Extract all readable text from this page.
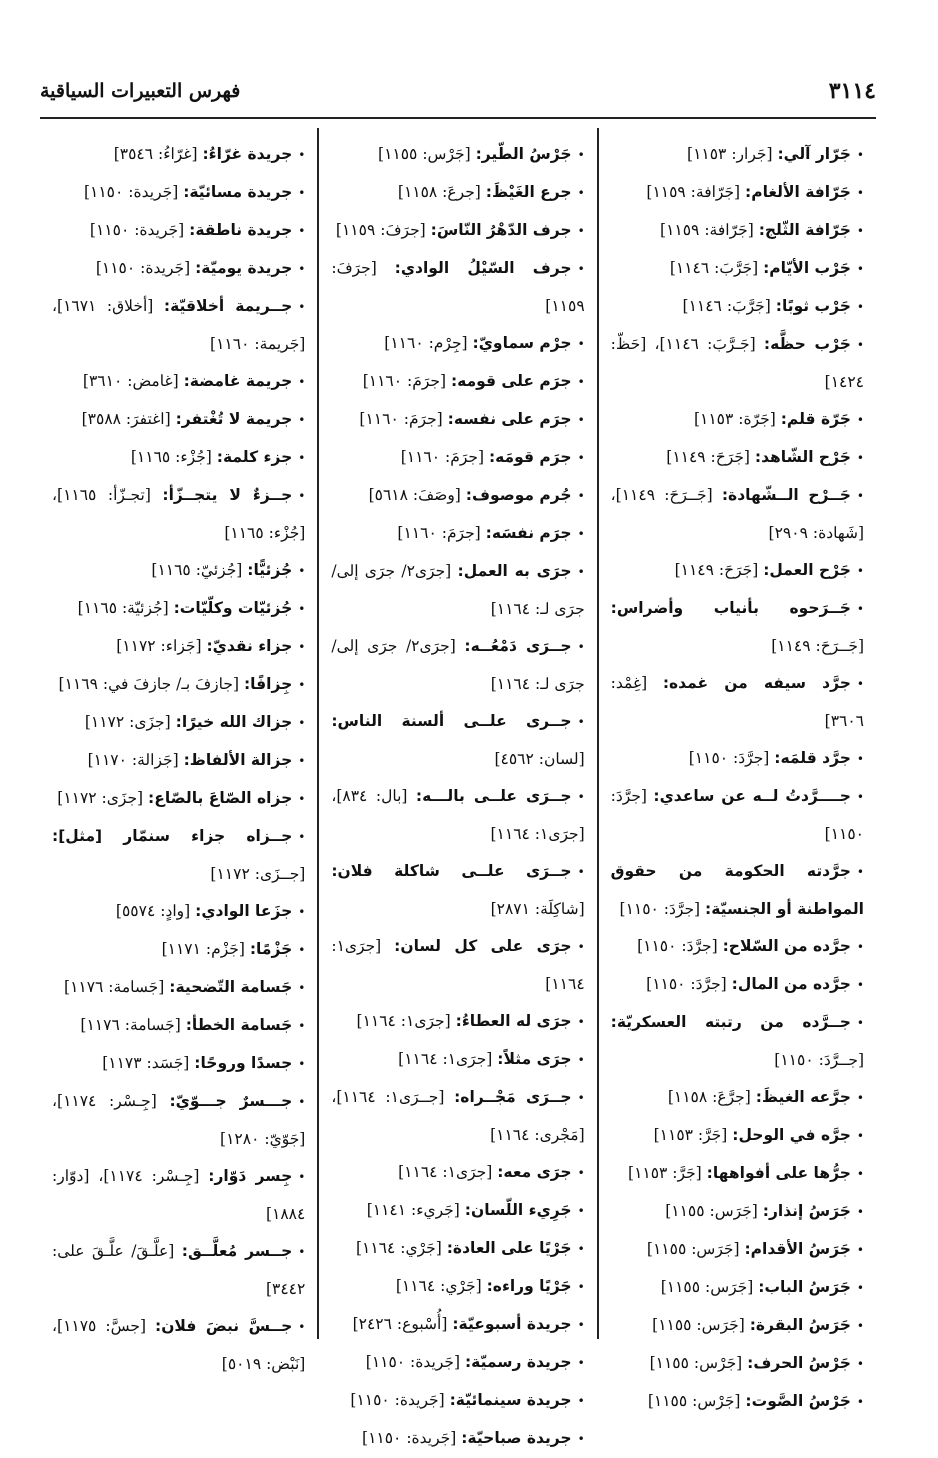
٣١١٤
فهرس التعبيرات السياقية

•جَرّار آلي: [جَرار: ١١٥٣]

•جَرّافة الألغام: [جَرّافة: ١١٥٩]

•جَرّافة الثّلج: [جَرّافة: ١١٥٩]

•جَرْب الأيّام: [جَرَّبَ: ١١٤٦]

•جَرْب ثوبًا: [جَرَّبَ: ١١٤٦]

•جَرْب حظَّه: [جَـرَّبَ: ١١٤٦]، [حَظّ: ١٤٢٤]

•جَرّة قلم: [جَرّة: ١١٥٣]

•جَرْح الشّاهد: [جَرَحَ: ١١٤٩]

•جَــرْح الــشّهادة: [جَــرَحَ: ١١٤٩]، [شَهادة: ٢٩٠٩]

•جَرْح العمل: [جَرَحَ: ١١٤٩]

•جَــرَحوه بأنياب وأضراس: [جَــرَحَ: ١١٤٩]

•جرَّد سيفه من غمده: [غِمْد: ٣٦٠٦]

•جرَّد قلمَه: [جرَّدَ: ١١٥٠]

•جــــرَّدتُ لــه عن ساعدي: [جرَّدَ: ١١٥٠]

•جرَّدته الحكومة من حقوق المواطنة أو الجنسيّة: [جرَّدَ: ١١٥٠]

•جرَّده من السّلاح: [جرَّدَ: ١١٥٠]

•جرَّده من المال: [جرَّدَ: ١١٥٠]

•جــرَّده من رتبته العسكريّة: [جــرَّدَ: ١١٥٠]

•جرَّعه الغيظَ: [جرَّعَ: ١١٥٨]

•جرَّه في الوحل: [جَرَّ: ١١٥٣]

•جرُّها على أفواهها: [جَرَّ: ١١٥٣]

•جَرَسُ إنذار: [جَرَس: ١١٥٥]

•جَرَسُ الأقدام: [جَرَس: ١١٥٥]

•جَرَسُ الباب: [جَرَس: ١١٥٥]

•جَرَسُ البقرة: [جَرَس: ١١٥٥]

•جَرْسُ الحرف: [جَرْس: ١١٥٥]

•جَرْسُ الصَّوت: [جَرْس: ١١٥٥]

•جَرْسُ الطّير: [جَرْس: ١١٥٥]

•جرع الغَيْظَ: [جرعَ: ١١٥٨]

•جرف الدّهْرُ النّاسَ: [جرَفَ: ١١٥٩]

•جرف السّيْلُ الوادي: [جرَفَ: ١١٥٩]

•جرْم سماويّ: [جِرْم: ١١٦٠]

•جرَم على قومه: [جرَمَ: ١١٦٠]

•جرَم على نفسه: [جرَمَ: ١١٦٠]

•جرَم قومَه: [جرَمَ: ١١٦٠]

•جُرم موصوف: [وصَفَ: ٥٦١٨]

•جرَم نفسَه: [جرَمَ: ١١٦٠]

•جرَى به العمل: [جرَى٢/ جرَى إلى/ جرَى لـ: ١١٦٤]

•جــرَى دَمْعُــه: [جرَى٢/ جرَى إلى/ جرَى لـ: ١١٦٤]

•جــرى علــى ألسنة الناس: [لسان: ٤٥٦٢]

•جــرَى علــى بالـــه: [بال: ٨٣٤]، [جرَى١: ١١٦٤]

•جــرَى علــى شاكلة فلان: [شاكِلَة: ٢٨٧١]

•جرَى على كل لسان: [جرَى١: ١١٦٤]

•جرَى له العطاءُ: [جرَى١: ١١٦٤]

•جرَى مثلاً: [جرَى١: ١١٦٤]

•جــرَى مَجْــراه: [جــرَى١: ١١٦٤]، [مَجْرى: ١١٦٤]

•جرَى معه: [جرَى١: ١١٦٤]

•جَرِيء اللّسان: [جَريء: ١١٤١]

•جَرْيًا على العادة: [جَرْي: ١١٦٤]

•جَرْيًا وراءه: [جَرْي: ١١٦٤]

•جريدة أسبوعيّة: [أُسْبوع: ٢٤٢٦]

•جريدة رسميّة: [جَريدة: ١١٥٠]

•جريدة سينمائيّة: [جَريدة: ١١٥٠]

•جريدة صباحيّة: [جَريدة: ١١٥٠]

•جريدة غرّاءُ: [غرّاءُ: ٣٥٤٦]

•جريدة مسائيّة: [جَريدة: ١١٥٠]

•جريدة ناطقة: [جَريدة: ١١٥٠]

•جريدة يوميّة: [جَريدة: ١١٥٠]

•جــريمة أخلاقيّة: [أخلاق: ١٦٧١]، [جَريمة: ١١٦٠]

•جريمة غامضة: [غامض: ٣٦١٠]

•جريمة لا تُغْتفر: [اغتفرَ: ٣٥٨٨]

•جزء كلمة: [جُزْء: ١١٦٥]

•جــزءٌ لا يتجــزّأ: [تجـزّأ: ١١٦٥]، [جُزْء: ١١٦٥]

•جُزئيًّا: [جُزئيّ: ١١٦٥]

•جُزئيّات وكلّيّات: [جُزئيّة: ١١٦٥]

•جزاء نقديّ: [جَزاء: ١١٧٢]

•جِزافًا: [جازفَ بـ/ جازفَ في: ١١٦٩]

•جزاك الله خيرًا: [جزَى: ١١٧٢]

•جزالة الألفاظ: [جَزالة: ١١٧٠]

•جزاه الصّاعَ بالصّاع: [جزَى: ١١٧٢]

•جــزاه جزاء سنمّار [مثل]: [جــزَى: ١١٧٢]

•جزَعا الوادي: [وادٍ: ٥٥٧٤]

•جَزْمًا: [جَزْم: ١١٧١]

•جَسامة التّضحية: [جَسامة: ١١٧٦]

•جَسامة الخطأ: [جَسامة: ١١٧٦]

•جسدًا وروحًا: [جَسَد: ١١٧٣]

•جـــسرٌ جـــوّيّ: [جِـسْر: ١١٧٤]، [جَوّيّ: ١٢٨٠]

•جِسر دَوّار: [جِـسْر: ١١٧٤]، [دوّار: ١٨٨٤]

•جــسر مُعلَّــق: [علَّـقَ/ علَّـقَ على: ٣٤٤٢]

•جــسَّ نبضَ فلان: [جسَّ: ١١٧٥]، [نَبْض: ٥٠١٩]
